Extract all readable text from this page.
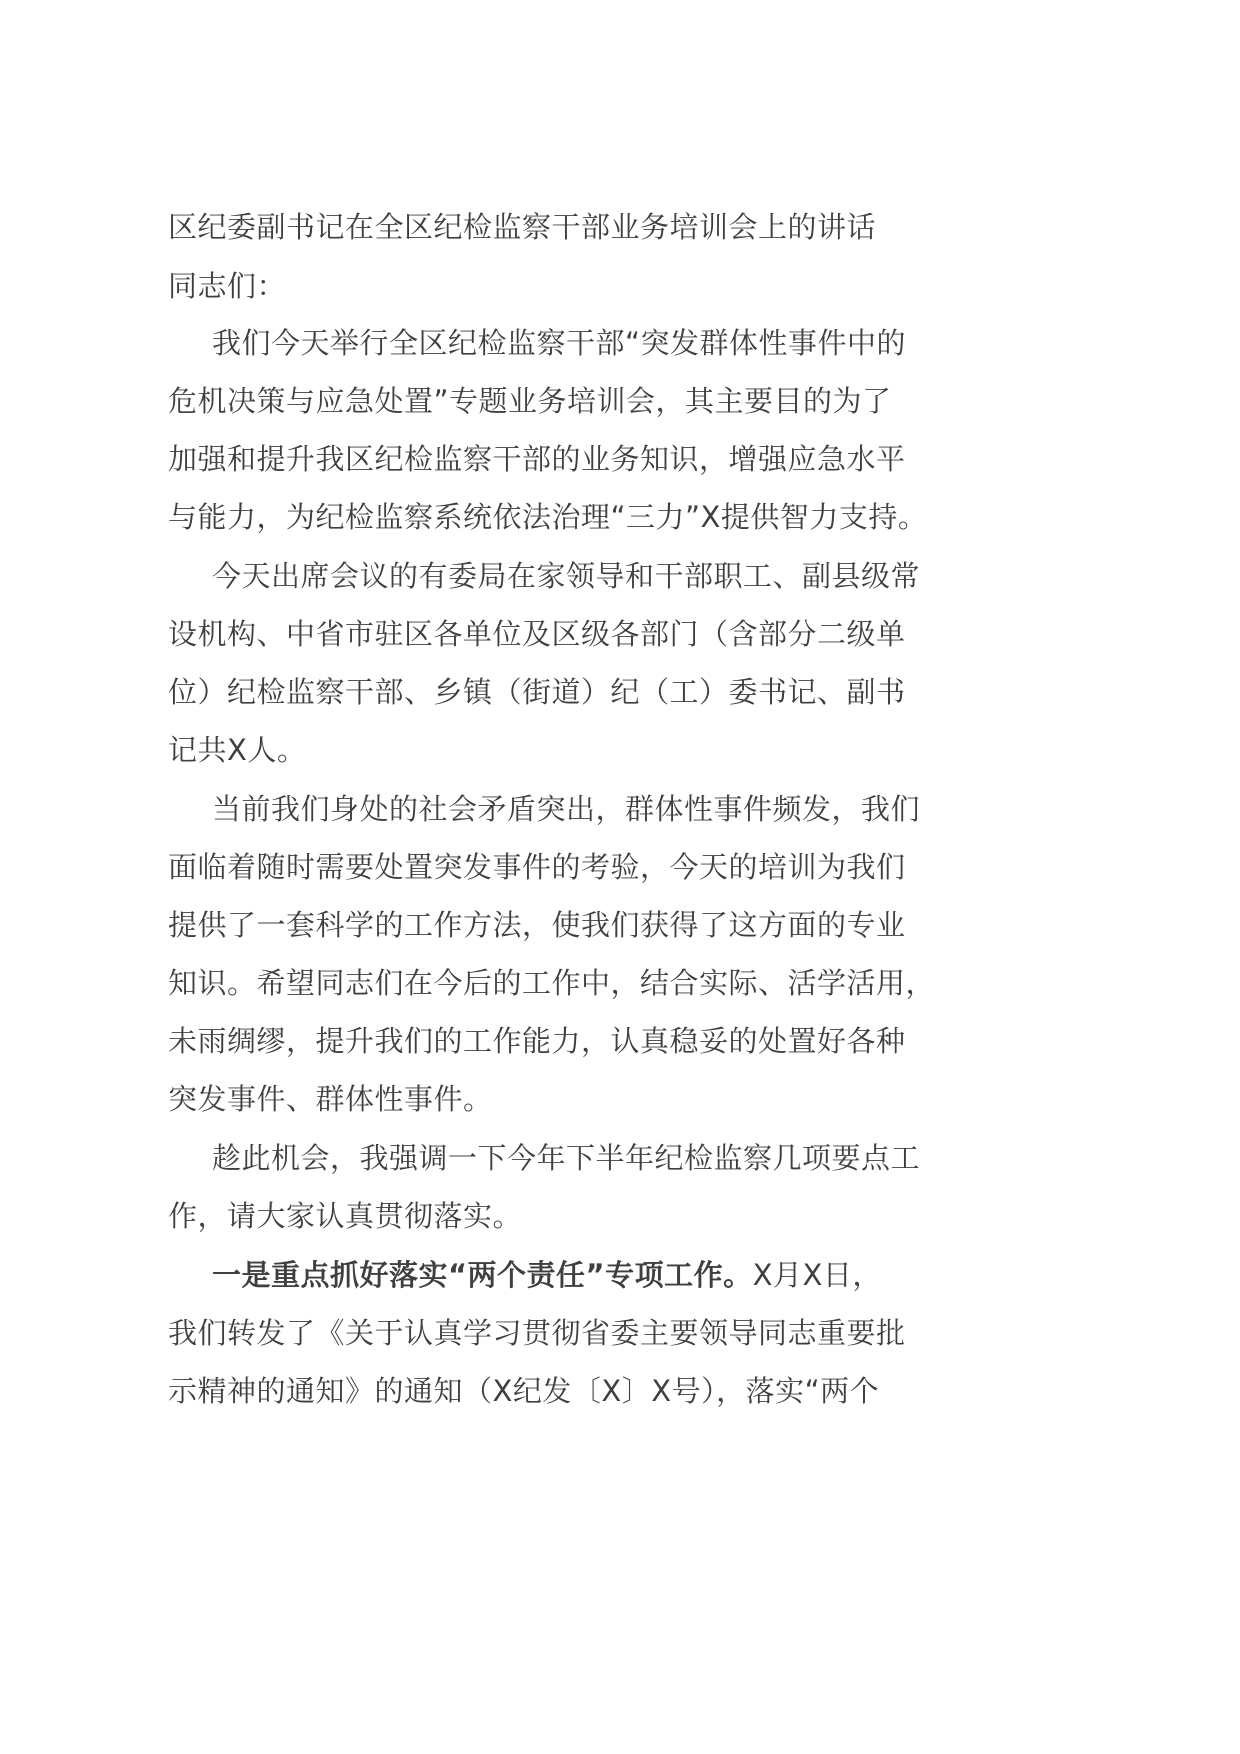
区纪委副书记在全区纪检监察干部业务培训会上的讲话
同志们：
我们今天举行全区纪检监察干部“突发群体性事件中的
危机决策与应急处置”专题业务培训会，其主要目的为了
加强和提升我区纪检监察干部的业务知识，增强应急水平
与能力，为纪检监察系统依法治理“三力”X提供智力支持。
今天出席会议的有委局在家领导和干部职工、副县级常
设机构、中省市驻区各单位及区级各部门（含部分二级单
位）纪检监察干部、乡镇（街道）纪（工）委书记、副书
记共X人。
当前我们身处的社会矛盾突出，群体性事件频发，我们
面临着随时需要处置突发事件的考验，今天的培训为我们
提供了一套科学的工作方法，使我们获得了这方面的专业
知识。希望同志们在今后的工作中，结合实际、活学活用，
未雨绸缪，提升我们的工作能力，认真稳妥的处置好各种
突发事件、群体性事件。
趁此机会，我强调一下今年下半年纪检监察几项要点工
作，请大家认真贯彻落实。
一是重点抓好落实“两个责任”专项工作。X月X日，
我们转发了《关于认真学习贯彻省委主要领导同志重要批
示精神的通知》的通知（X纪发〔X〕X号），落实“两个
